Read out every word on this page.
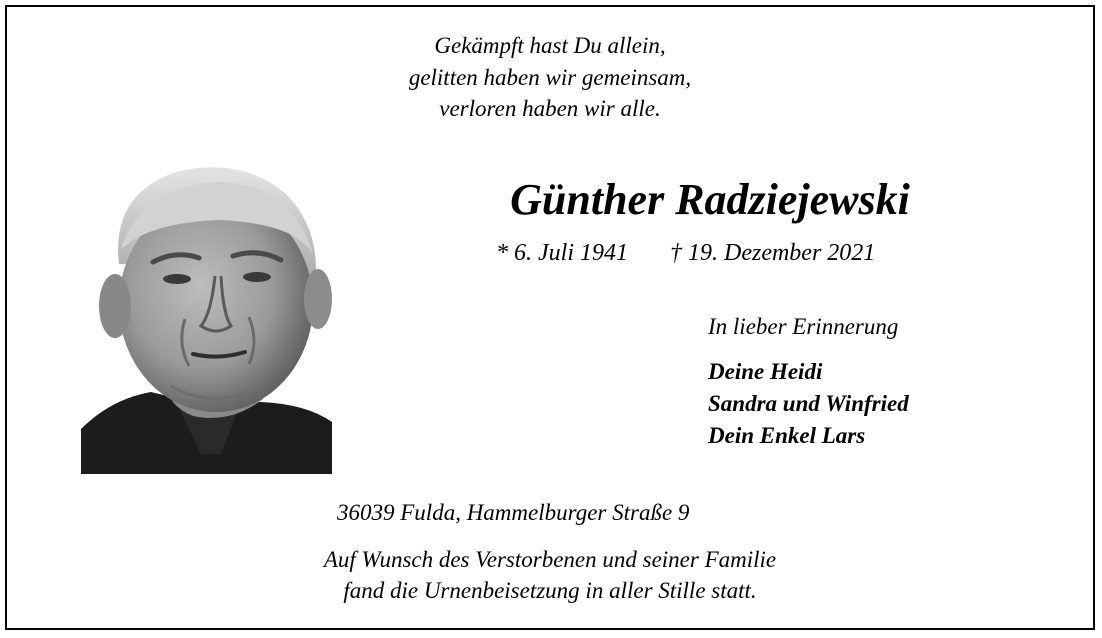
Gekämpft hast Du allein,
gelitten haben wir gemeinsam,
verloren haben wir alle.
Günther Radziejewski
* 6. Juli 1941 † 19. Dezember 2021
In lieber Erinnerung
Deine Heidi
Sandra und Winfried
Dein Enkel Lars
36039 Fulda, Hammelburger Straße 9
Auf Wunsch des Verstorbenen und seiner Familie
fand die Urnenbeisetzung in aller Stille statt.
